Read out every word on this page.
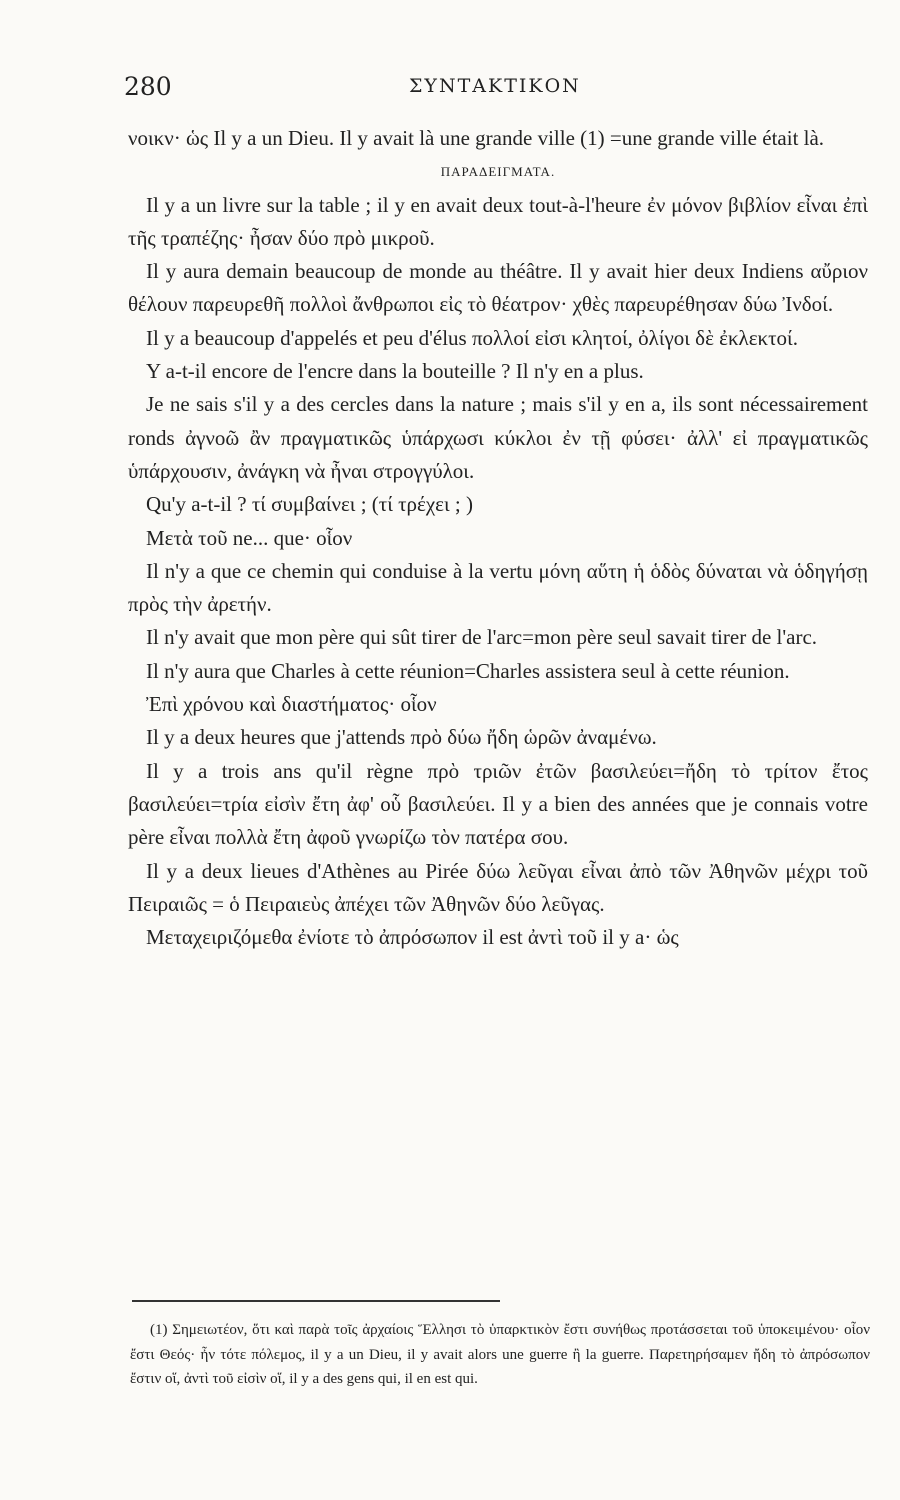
280	ΣΥΝΤΑΚΤΙΚΟΝ

νοικν· ὡς Il y a un Dieu. Il y avait là une grande ville (1) =une grande ville était là.

ΠΑΡΑΔΕΙΓΜΑΤΑ.

Il y a un livre sur la table ; il y en avait deux tout-à-l'heure ἐν μόνον βιβλίον εἶναι ἐπὶ τῆς τραπέζης· ἦσαν δύο πρὸ μικροῦ.

Il y aura demain beaucoup de monde au théâtre. Il y avait hier deux Indiens αὔριον θέλουν παρευρεθῆ πολλοὶ ἄνθρωποι εἰς τὸ θέατρον· χθὲς παρευρέθησαν δύω Ἰνδοί.

Il y a beaucoup d'appelés et peu d'élus πολλοί εἰσι κλητοί, ὀλίγοι δὲ ἐκλεκτοί.

Y a-t-il encore de l'encre dans la bouteille ? Il n'y en a plus.

Je ne sais s'il y a des cercles dans la nature ; mais s'il y en a, ils sont nécessairement ronds ἀγνοῶ ἂν πραγματικῶς ὑπάρχωσι κύκλοι ἐν τῇ φύσει· ἀλλ' εἰ πραγματικῶς ὑπάρχουσιν, ἀνάγκη νὰ ἦναι στρογγύλοι.

Qu'y a-t-il ? τί συμβαίνει ; (τί τρέχει ; )

Μετὰ τοῦ ne... que· οἷον

Il n'y a que ce chemin qui conduise à la vertu μόνη αὕτη ἡ ὁδὸς δύναται νὰ ὁδηγήσῃ πρὸς τὴν ἀρετήν.

Il n'y avait que mon père qui sût tirer de l'arc=mon père seul savait tirer de l'arc.

Il n'y aura que Charles à cette réunion=Charles assistera seul à cette réunion.

Ἐπὶ χρόνου καὶ διαστήματος· οἷον

Il y a deux heures que j'attends πρὸ δύω ἤδη ὡρῶν ἀναμένω.

Il y a trois ans qu'il règne πρὸ τριῶν ἐτῶν βασιλεύει=ἤδη τὸ τρίτον ἔτος βασιλεύει=τρία εἰσὶν ἔτη ἀφ' οὗ βασιλεύει. Il y a bien des années que je connais votre père εἶναι πολλὰ ἔτη ἀφοῦ γνωρίζω τὸν πατέρα σου.

Il y a deux lieues d'Athènes au Pirée δύω λεῦγαι εἶναι ἀπὸ τῶν Ἀθηνῶν μέχρι τοῦ Πειραιῶς = ὁ Πειραιεὺς ἀπέχει τῶν Ἀθηνῶν δύο λεῦγας.

Μεταχειριζόμεθα ἐνίοτε τὸ ἀπρόσωπον il est ἀντὶ τοῦ il y a· ὡς

(1) Σημειωτέον, ὅτι καὶ παρὰ τοῖς ἀρχαίοις Ἕλλησι τὸ ὑπαρκτικὸν ἔστι συνήθως προτάσσεται τοῦ ὑποκειμένου· οἷον ἔστι Θεός· ἦν τότε πόλεμος, il y a un Dieu, il y avait alors une guerre ἢ la guerre. Παρετηρήσαμεν ἤδη τὸ ἀπρόσωπον ἔστιν οἵ, ἀντὶ τοῦ εἰσὶν οἵ, il y a des gens qui, il en est qui.
